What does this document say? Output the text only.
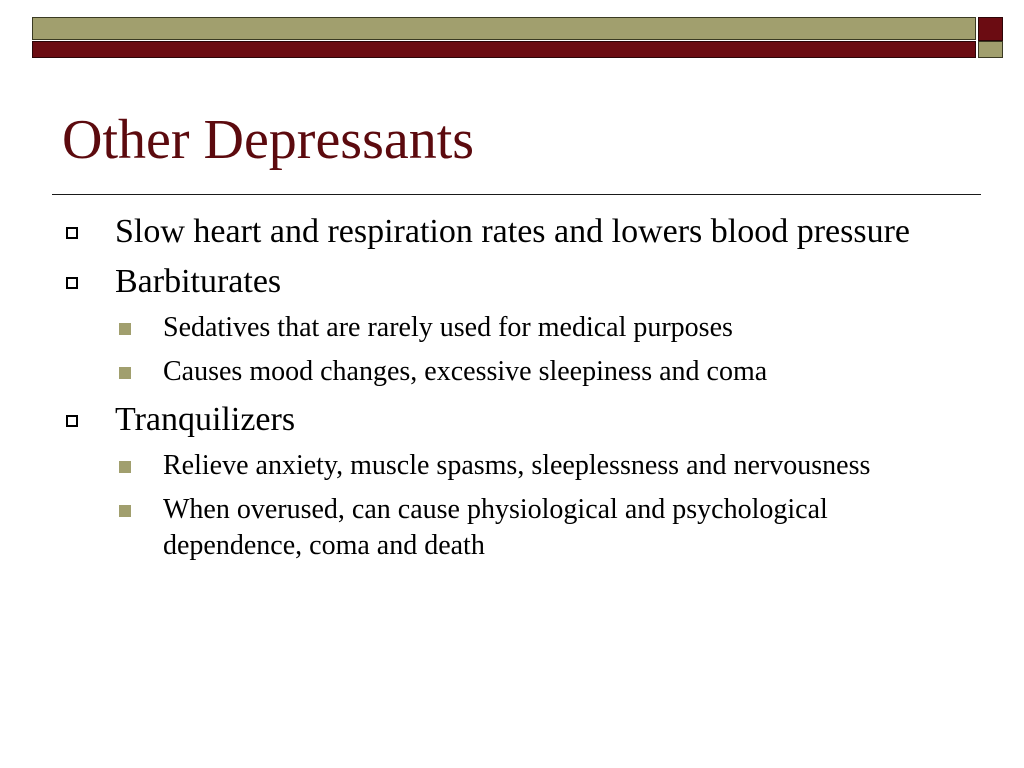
Other Depressants
Slow heart and respiration rates and lowers blood pressure
Barbiturates
Sedatives that are rarely used for medical purposes
Causes mood changes, excessive sleepiness and coma
Tranquilizers
Relieve anxiety, muscle spasms, sleeplessness and nervousness
When overused, can cause physiological and psychological dependence, coma and death
